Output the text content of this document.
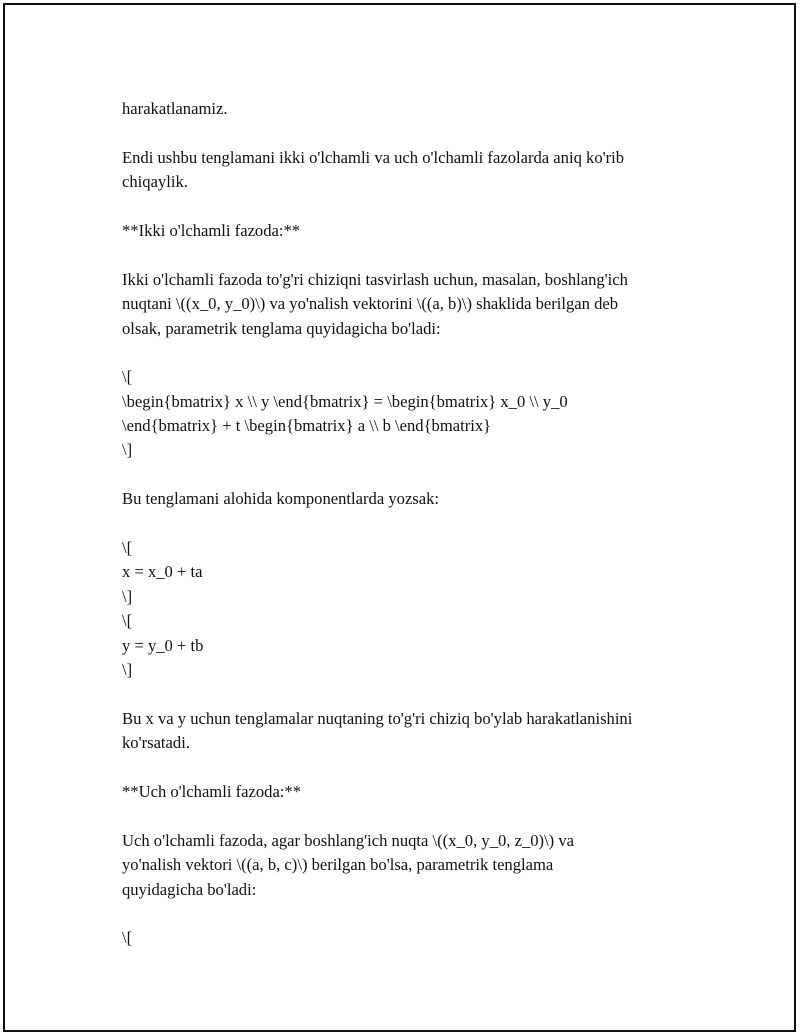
harakatlanamiz.
Endi ushbu tenglamani ikki o'lchamli va uch o'lchamli fazolarda aniq ko'rib
chiqaylik.
**Ikki o'lchamli fazoda:**
Ikki o'lchamli fazoda to'g'ri chiziqni tasvirlash uchun, masalan, boshlang'ich
nuqtani \((x_0, y_0)\) va yo'nalish vektorini \((a, b)\) shaklida berilgan deb
olsak, parametrik tenglama quyidagicha bo'ladi:
\[
\begin{bmatrix} x \\ y \end{bmatrix} = \begin{bmatrix} x_0 \\ y_0
\end{bmatrix} + t \begin{bmatrix} a \\ b \end{bmatrix}
\]
Bu tenglamani alohida komponentlarda yozsak:
\[
x = x_0 + ta
\]
\[
y = y_0 + tb
\]
Bu x va y uchun tenglamalar nuqtaning to'g'ri chiziq bo'ylab harakatlanishini
ko'rsatadi.
**Uch o'lchamli fazoda:**
Uch o'lchamli fazoda, agar boshlang'ich nuqta \((x_0, y_0, z_0)\) va
yo'nalish vektori \((a, b, c)\) berilgan bo'lsa, parametrik tenglama
quyidagicha bo'ladi:
\[
